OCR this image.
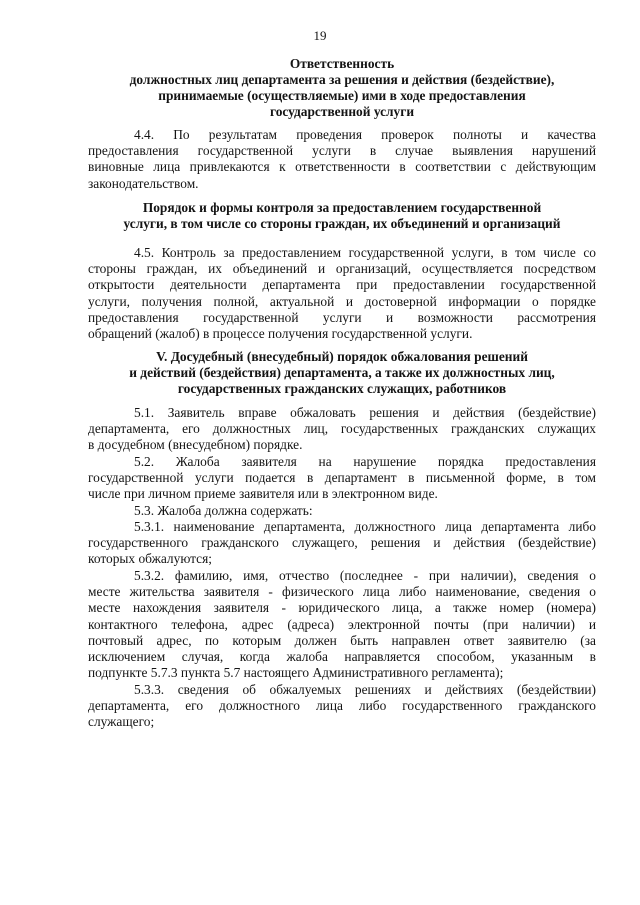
19
Ответственность
должностных лиц департамента за решения и действия (бездействие),
принимаемые (осуществляемые) ими в ходе предоставления
государственной услуги
4.4. По результатам проведения проверок полноты и качества
предоставления государственной услуги в случае выявления нарушений
виновные лица привлекаются к ответственности в соответствии с действующим
законодательством.
Порядок и формы контроля за предоставлением государственной
услуги, в том числе со стороны граждан, их объединений и организаций
4.5. Контроль за предоставлением государственной услуги, в том числе со
стороны граждан, их объединений и организаций, осуществляется посредством
открытости деятельности департамента при предоставлении государственной
услуги, получения полной, актуальной и достоверной информации о порядке
предоставления государственной услуги и возможности рассмотрения
обращений (жалоб) в процессе получения государственной услуги.
V. Досудебный (внесудебный) порядок обжалования решений
и действий (бездействия) департамента, а также их должностных лиц,
государственных гражданских служащих, работников
5.1. Заявитель вправе обжаловать решения и действия (бездействие)
департамента, его должностных лиц, государственных гражданских служащих
в досудебном (внесудебном) порядке.
5.2. Жалоба заявителя на нарушение порядка предоставления
государственной услуги подается в департамент в письменной форме, в том
числе при личном приеме заявителя или в электронном виде.
5.3. Жалоба должна содержать:
5.3.1. наименование департамента, должностного лица департамента либо
государственного гражданского служащего, решения и действия (бездействие)
которых обжалуются;
5.3.2. фамилию, имя, отчество (последнее - при наличии), сведения о
месте жительства заявителя - физического лица либо наименование, сведения о
месте нахождения заявителя - юридического лица, а также номер (номера)
контактного телефона, адрес (адреса) электронной почты (при наличии) и
почтовый адрес, по которым должен быть направлен ответ заявителю (за
исключением случая, когда жалоба направляется способом, указанным в
подпункте 5.7.3 пункта 5.7 настоящего Административного регламента);
5.3.3. сведения об обжалуемых решениях и действиях (бездействии)
департамента, его должностного лица либо государственного гражданского
служащего;
